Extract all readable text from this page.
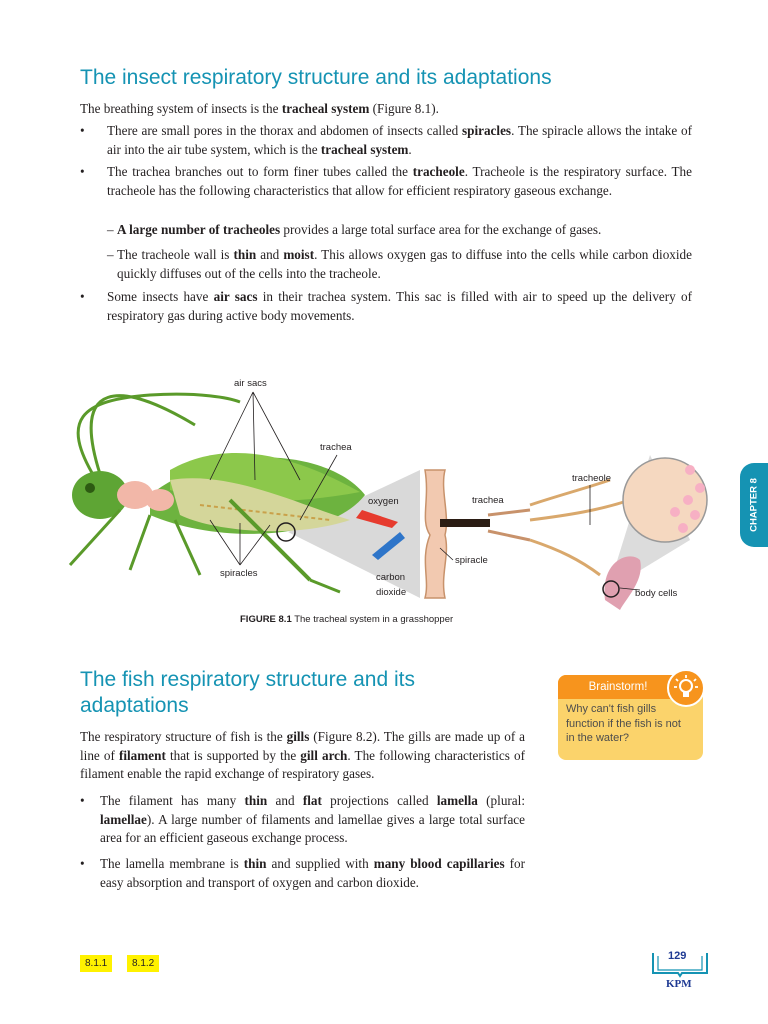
The insect respiratory structure and its adaptations

The breathing system of insects is the tracheal system (Figure 8.1).

• There are small pores in the thorax and abdomen of insects called spiracles. The spiracle allows the intake of air into the air tube system, which is the tracheal system.
• The trachea branches out to form finer tubes called the tracheole. Tracheole is the respiratory surface. The tracheole has the following characteristics that allow for efficient respiratory gaseous exchange.
– A large number of tracheoles provides a large total surface area for the exchange of gases.
– The tracheole wall is thin and moist. This allows oxygen gas to diffuse into the cells while carbon dioxide quickly diffuses out of the cells into the tracheole.
• Some insects have air sacs in their trachea system. This sac is filled with air to speed up the delivery of respiratory gas during active body movements.
air sacs
trachea
spiracles
oxygen	trachea
spiracle
carbon
dioxide
tracheole
body cells
FIGURE 8.1 The tracheal system in a grasshopper
CHAPTER 8
The fish respiratory structure and its
adaptations

The respiratory structure of fish is the gills (Figure 8.2). The gills are made up of a line of filament that is supported by the gill arch. The following characteristics of filament enable the rapid exchange of respiratory gases.

• The filament has many thin and flat projections called lamella (plural: lamellae). A large number of filaments and lamellae gives a large total surface area for an efficient gaseous exchange process.
• The lamella membrane is thin and supplied with many blood capillaries for easy absorption and transport of oxygen and carbon dioxide.
Brainstorm!
Why can't fish gills function if the fish is not in the water?
8.1.1	8.1.2
129
KPM
